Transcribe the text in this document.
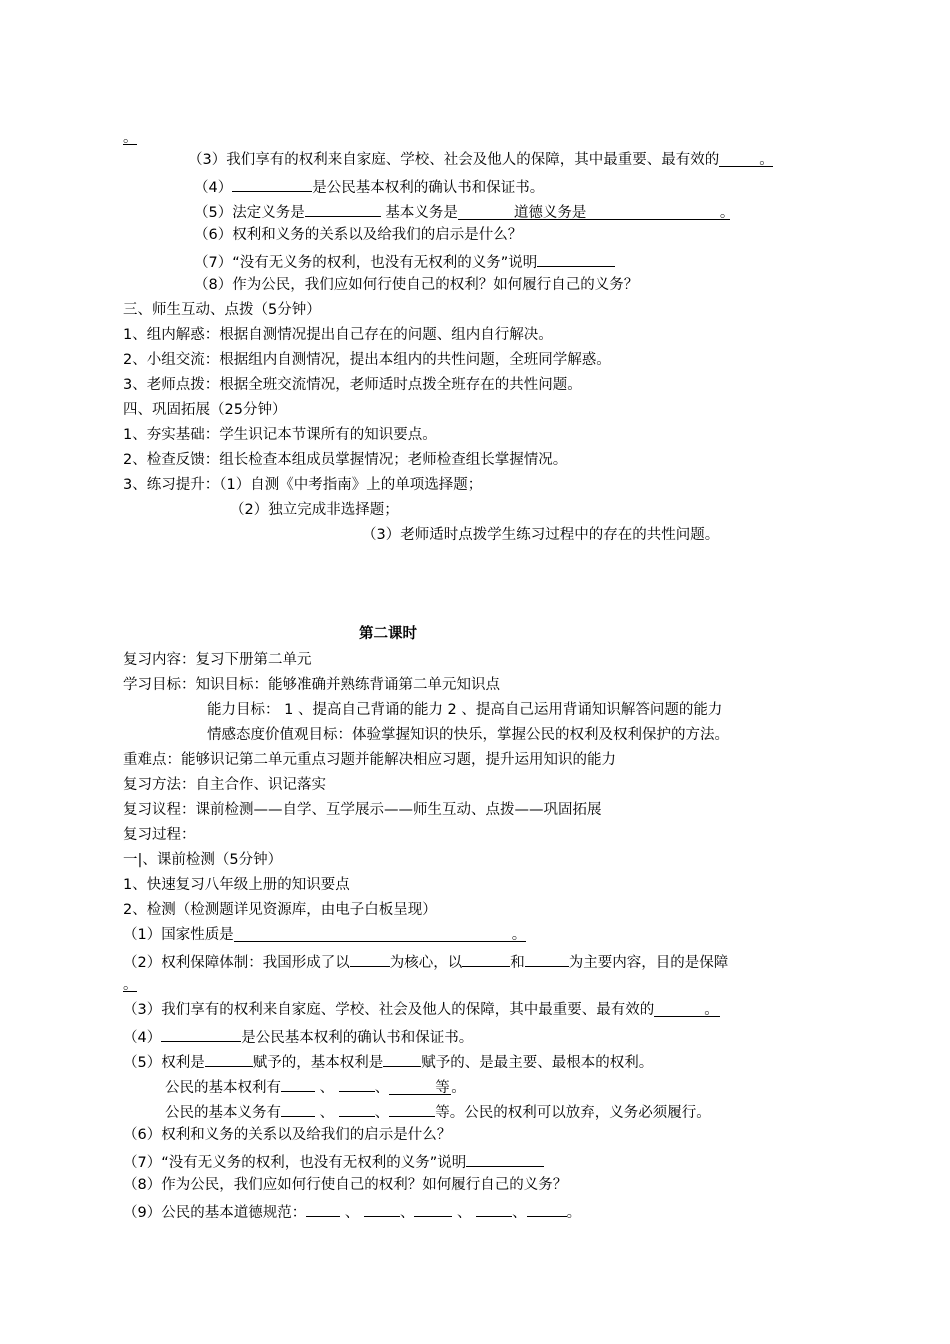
。
（3）我们享有的权利来自家庭、学校、社会及他人的保障，其中最重要、最有效的	。
（4）	是公民基本权利的确认书和保证书。
（5）法定义务是	基本义务是	道德义务是	。
（6）权利和义务的关系以及给我们的启示是什么？
（7）“没有无义务的权利，也没有无权利的义务”说明
（8）作为公民，我们应如何行使自己的权利？如何履行自己的义务？
三、师生互动、点拨（5分钟）
1、组内解惑：根据自测情况提出自己存在的问题、组内自行解决。
2、小组交流：根据组内自测情况，提出本组内的共性问题，全班同学解惑。
3、老师点拨：根据全班交流情况，老师适时点拨全班存在的共性问题。
四、巩固拓展（25分钟）
1、夯实基础：学生识记本节课所有的知识要点。
2、检查反馈：组长检查本组成员掌握情况；老师检查组长掌握情况。
3、练习提升：（1）自测《中考指南》上的单项选择题；
（2）独立完成非选择题；
（3）老师适时点拨学生练习过程中的存在的共性问题。
第二课时
复习内容：复习下册第二单元
学习目标：知识目标：能够准确并熟练背诵第二单元知识点
能力目标： 1 、提高自己背诵的能力 2 、提高自己运用背诵知识解答问题的能力
情感态度价值观目标：体验掌握知识的快乐，掌握公民的权利及权利保护的方法。
重难点：能够识记第二单元重点习题并能解决相应习题，提升运用知识的能力
复习方法：自主合作、识记落实
复习议程：课前检测——自学、互学展示——师生互动、点拨——巩固拓展
复习过程：
一|、课前检测（5分钟）
1、快速复习八年级上册的知识要点
2、检测（检测题详见资源库，由电子白板呈现）
（1）国家性质是	。
（2）权利保障体制：我国形成了以	为核心，以	和	为主要内容，目的是保障
。
（3）我们享有的权利来自家庭、学校、社会及他人的保障，其中最重要、最有效的	。
（4）	是公民基本权利的确认书和保证书。
（5）权利是	赋予的，基本权利是	赋予的、是最主要、最根本的权利。
公民的基本权利有 、 、	等 。
公民的基本义务有 、 、	等。公民的权利可以放弃，义务必须履行。
（6）权利和义务的关系以及给我们的启示是什么？
（7）“没有无义务的权利，也没有无权利的义务”说明
（8）作为公民，我们应如何行使自己的权利？如何履行自己的义务？
（9）公民的基本道德规范： 、 、	、 、	。
